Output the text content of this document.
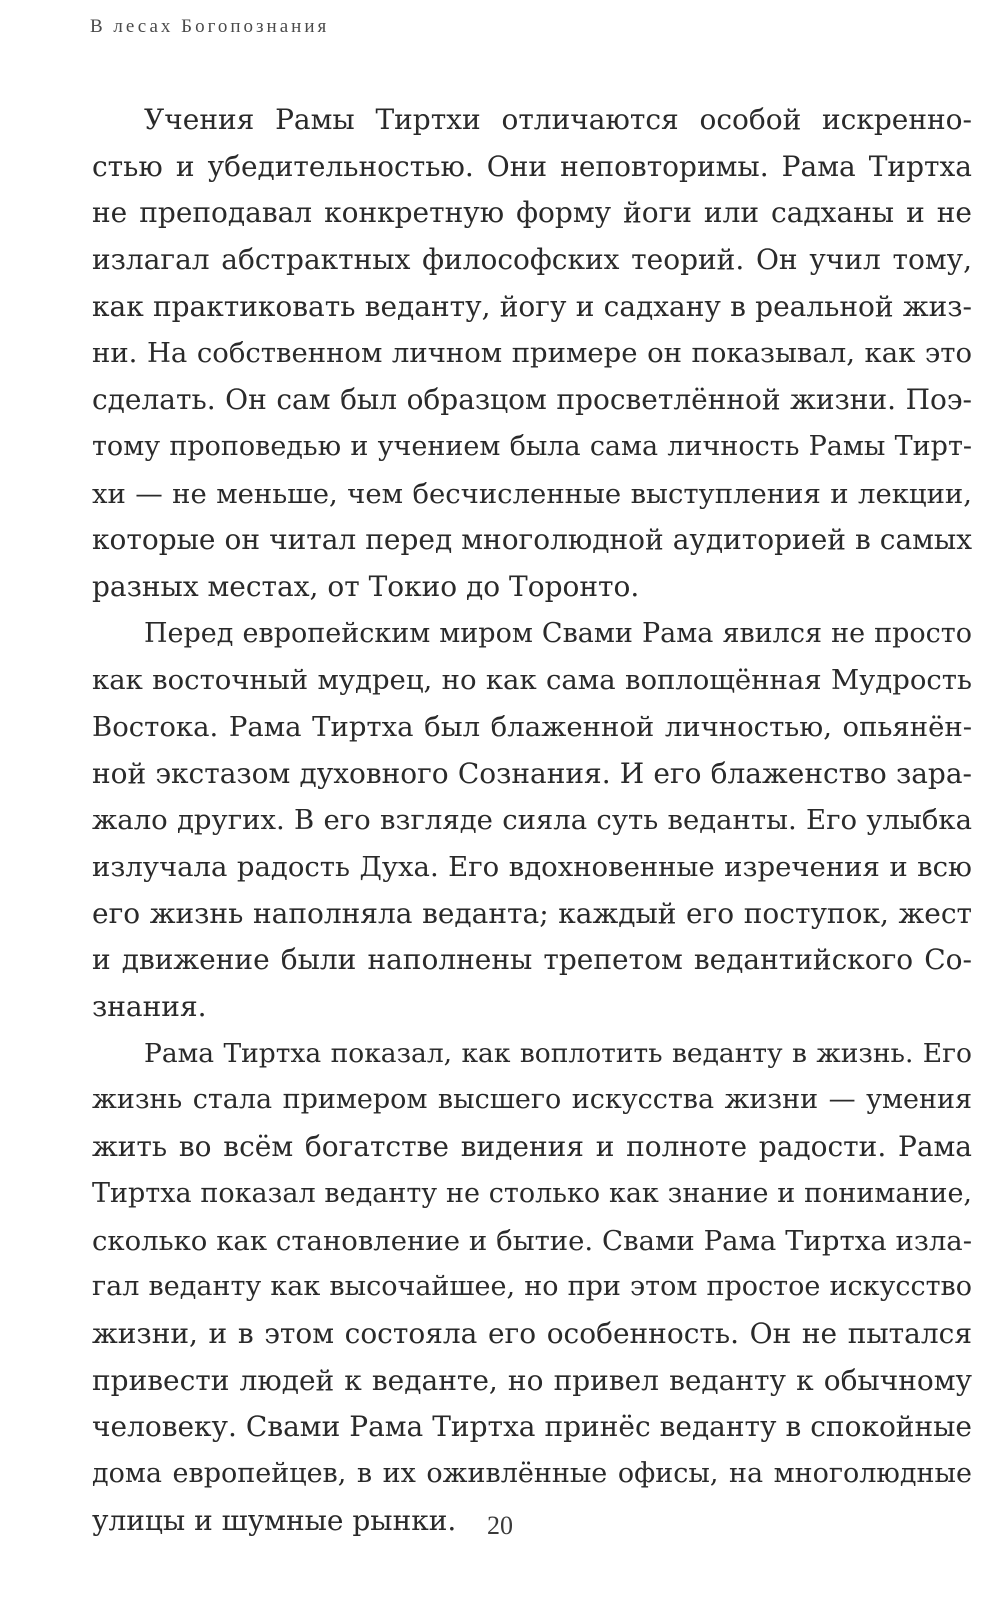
В лесах Богопознания
Учения Рамы Тиртхи отличаются особой искренно-
стью и убедительностью. Они неповторимы. Рама Тиртха
не преподавал конкретную форму йоги или садханы и не
излагал абстрактных философских теорий. Он учил тому,
как практиковать веданту, йогу и садхану в реальной жиз-
ни. На собственном личном примере он показывал, как это
сделать. Он сам был образцом просветлённой жизни. Поэ-
тому проповедью и учением была сама личность Рамы Тирт-
хи — не меньше, чем бесчисленные выступления и лекции,
которые он читал перед многолюдной аудиторией в самых
разных местах, от Токио до Торонто.
Перед европейским миром Свами Рама явился не просто
как восточный мудрец, но как сама воплощённая Мудрость
Востока. Рама Тиртха был блаженной личностью, опьянён-
ной экстазом духовного Сознания. И его блаженство зара-
жало других. В его взгляде сияла суть веданты. Его улыбка
излучала радость Духа. Его вдохновенные изречения и всю
его жизнь наполняла веданта; каждый его поступок, жест
и движение были наполнены трепетом ведантийского Со-
знания.
Рама Тиртха показал, как воплотить веданту в жизнь. Его
жизнь стала примером высшего искусства жизни — умения
жить во всём богатстве видения и полноте радости. Рама
Тиртха показал веданту не столько как знание и понимание,
сколько как становление и бытие. Свами Рама Тиртха изла-
гал веданту как высочайшее, но при этом простое искусство
жизни, и в этом состояла его особенность. Он не пытался
привести людей к веданте, но привел веданту к обычному
человеку. Свами Рама Тиртха принёс веданту в спокойные
дома европейцев, в их оживлённые офисы, на многолюдные
улицы и шумные рынки.	20
